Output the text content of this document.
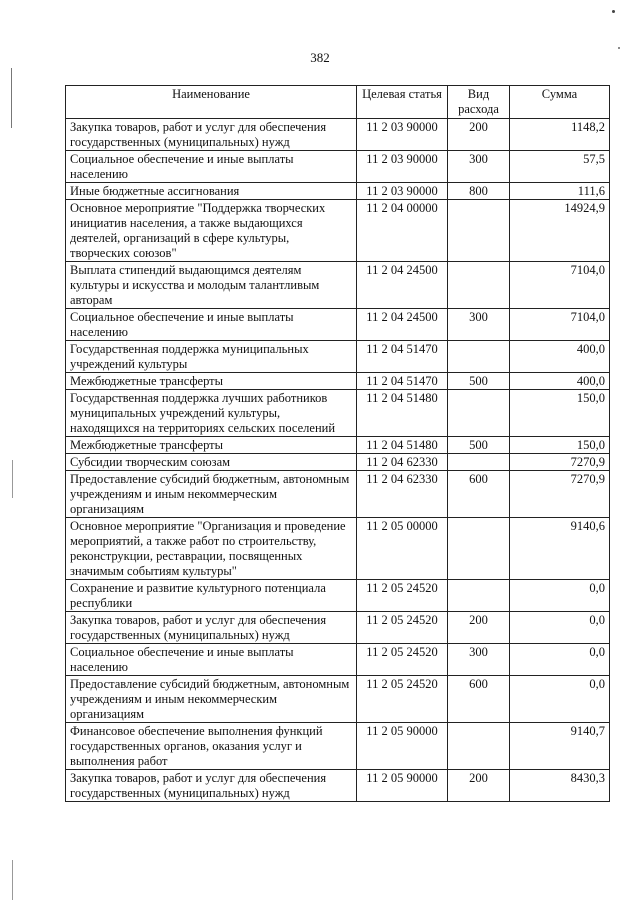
382
Наименование	Целевая статья	Вид расхода	Сумма
Закупка товаров, работ и услуг для обеспечения государственных (муниципальных) нужд	11 2 03 90000	200	1148,2
Социальное обеспечение и иные выплаты населению	11 2 03 90000	300	57,5
Иные бюджетные ассигнования	11 2 03 90000	800	111,6
Основное мероприятие "Поддержка творческих инициатив населения, а также выдающихся деятелей, организаций в сфере культуры, творческих союзов"	11 2 04 00000		14924,9
Выплата стипендий выдающимся деятелям культуры и искусства и молодым талантливым авторам	11 2 04 24500		7104,0
Социальное обеспечение и иные выплаты населению	11 2 04 24500	300	7104,0
Государственная поддержка муниципальных учреждений культуры	11 2 04 51470		400,0
Межбюджетные трансферты	11 2 04 51470	500	400,0
Государственная поддержка лучших работников муниципальных учреждений культуры, находящихся на территориях сельских поселений	11 2 04 51480		150,0
Межбюджетные трансферты	11 2 04 51480	500	150,0
Субсидии творческим союзам	11 2 04 62330		7270,9
Предоставление субсидий бюджетным, автономным учреждениям и иным некоммерческим организациям	11 2 04 62330	600	7270,9
Основное мероприятие "Организация и проведение мероприятий, а также работ по строительству, реконструкции, реставрации, посвященных значимым событиям культуры"	11 2 05 00000		9140,6
Сохранение и развитие культурного потенциала республики	11 2 05 24520		0,0
Закупка товаров, работ и услуг для обеспечения государственных (муниципальных) нужд	11 2 05 24520	200	0,0
Социальное обеспечение и иные выплаты населению	11 2 05 24520	300	0,0
Предоставление субсидий бюджетным, автономным учреждениям и иным некоммерческим организациям	11 2 05 24520	600	0,0
Финансовое обеспечение выполнения функций государственных органов, оказания услуг и выполнения работ	11 2 05 90000		9140,7
Закупка товаров, работ и услуг для обеспечения государственных (муниципальных) нужд	11 2 05 90000	200	8430,3
